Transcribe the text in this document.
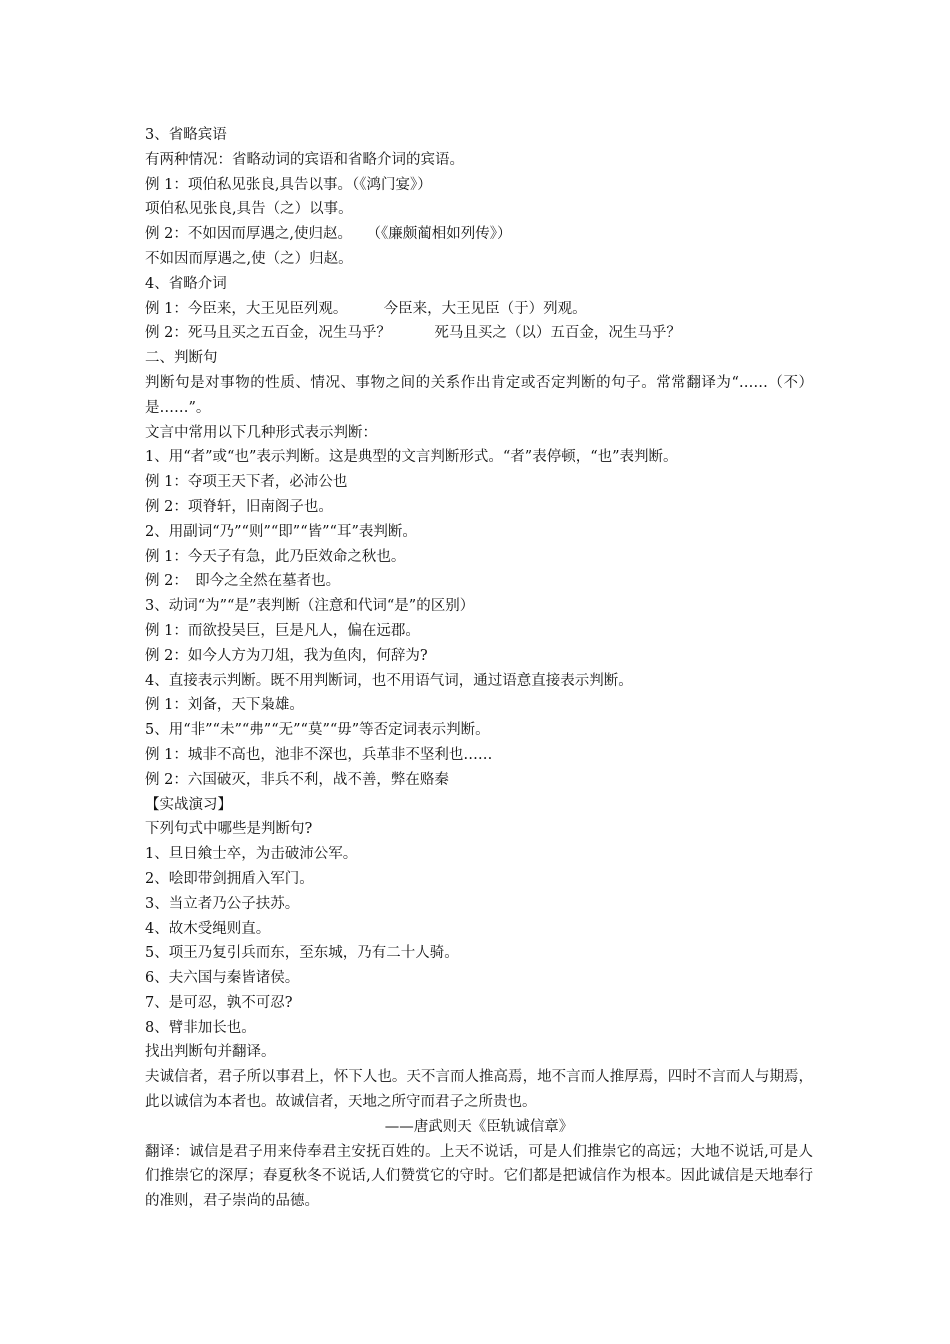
3、省略宾语
有两种情况：省略动词的宾语和省略介词的宾语。
例 1：项伯私见张良,具告以事。（《鸿门宴》）
项伯私见张良,具告（之）以事。
例 2：不如因而厚遇之,使归赵。　　（《廉颇蔺相如列传》）
不如因而厚遇之,使（之）归赵。
4、省略介词
例 1：今臣来，大王见臣列观。　　　今臣来，大王见臣（于）列观。
例 2：死马且买之五百金，况生马乎？　　　死马且买之（以）五百金，况生马乎？
二、判断句
判断句是对事物的性质、情况、事物之间的关系作出肯定或否定判断的句子。常常翻译为“……（不）是……”。
文言中常用以下几种形式表示判断：
1、用“者”或“也”表示判断。这是典型的文言判断形式。“者”表停顿，“也”表判断。
例 1：夺项王天下者，必沛公也
例 2：项脊轩，旧南阁子也。
2、用副词“乃”“则”“即”“皆”“耳”表判断。
例 1：今天子有急，此乃臣效命之秋也。
例 2：　即今之全然在墓者也。
3、动词“为”“是”表判断（注意和代词“是”的区别）
例 1：而欲投吴巨，巨是凡人，偏在远郡。
例 2：如今人方为刀俎，我为鱼肉，何辞为?
4、直接表示判断。既不用判断词，也不用语气词，通过语意直接表示判断。
例 1：刘备，天下枭雄。
5、用“非”“未”“弗”“无”“莫”“毋”等否定词表示判断。
例 1：城非不高也，池非不深也，兵革非不坚利也……
例 2：六国破灭，非兵不利，战不善，弊在赂秦
【实战演习】
下列句式中哪些是判断句?
1、旦日飨士卒，为击破沛公军。
2、哙即带剑拥盾入军门。
3、当立者乃公子扶苏。
4、故木受绳则直。
5、项王乃复引兵而东，至东城，乃有二十人骑。
6、夫六国与秦皆诸侯。
7、是可忍，孰不可忍?
8、臂非加长也。
找出判断句并翻译。
夫诚信者，君子所以事君上，怀下人也。天不言而人推高焉，地不言而人推厚焉，四时不言而人与期焉，此以诚信为本者也。故诚信者，天地之所守而君子之所贵也。
——唐武则天《臣轨诚信章》
翻译：诚信是君子用来侍奉君主安抚百姓的。上天不说话，可是人们推崇它的高远；大地不说话,可是人们推崇它的深厚；春夏秋冬不说话,人们赞赏它的守时。它们都是把诚信作为根本。因此诚信是天地奉行的准则，君子崇尚的品德。
